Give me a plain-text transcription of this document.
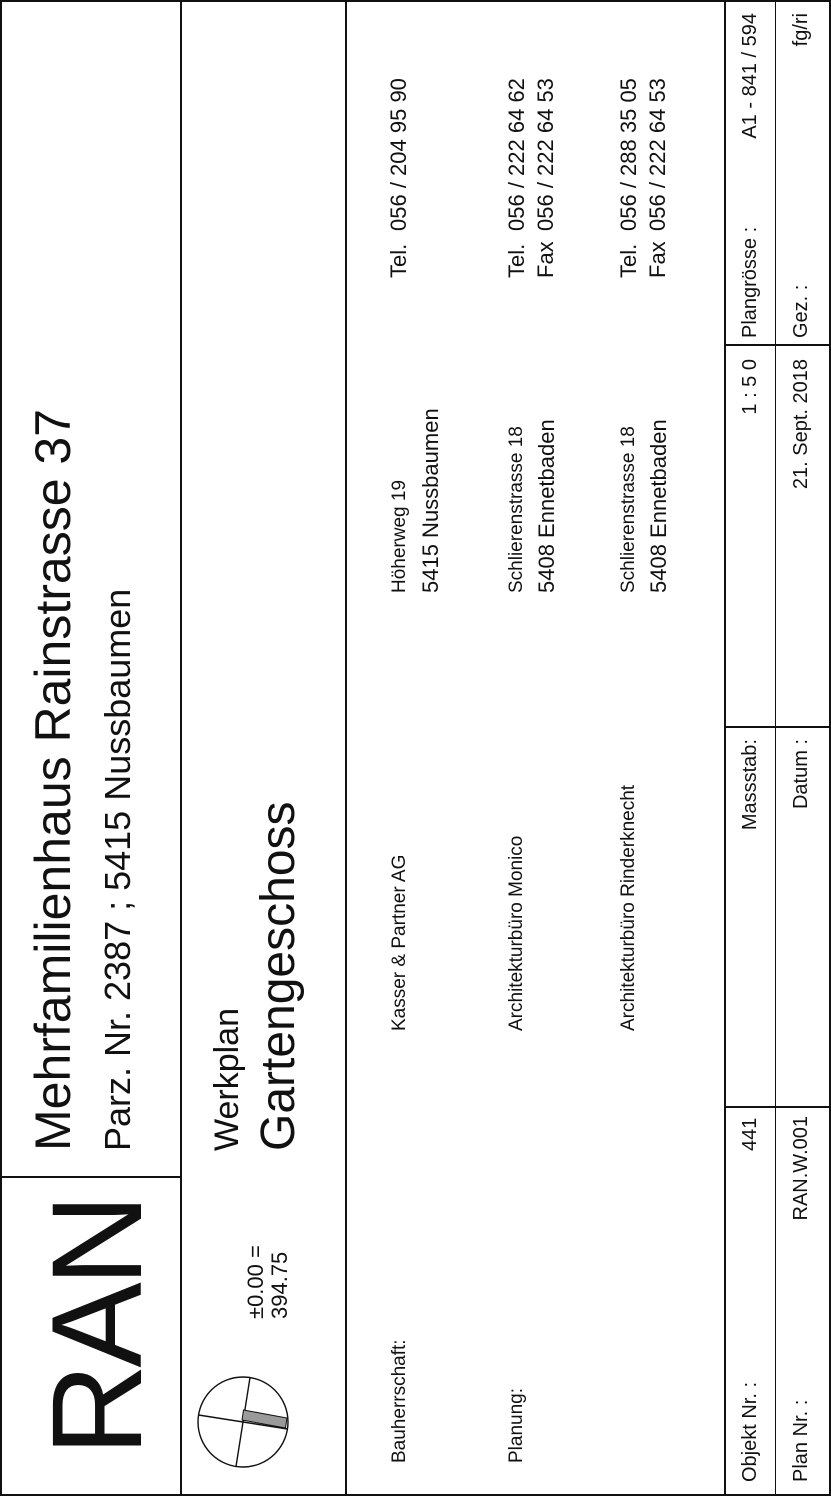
RAN
Mehrfamilienhaus Rainstrasse 37 Parz. Nr. 2387 ; 5415 Nussbaumen
±0.00 = 394.75
Werkplan Gartengeschoss
Bauherrschaft:
Kasser & Partner AG
Höherweg 19 5415 Nussbaumen
Tel.
056 / 204 95 90
Planung:
Architekturbüro Monico
Schlierenstrasse 18 5408 Ennetbaden
Tel.
056 / 222 64 62
Fax
056 / 222 64 53
Architekturbüro Rinderknecht
Schlierenstrasse 18 5408 Ennetbaden
Tel.
056 / 288 35 05
Fax
056 / 222 64 53
Objekt Nr. :
441
Massstab:
1 : 5 0
Plangrösse :
A1 - 841 / 594
Plan Nr. :
RAN.W.001
Datum :
21. Sept. 2018
Gez. :
fg/ri
